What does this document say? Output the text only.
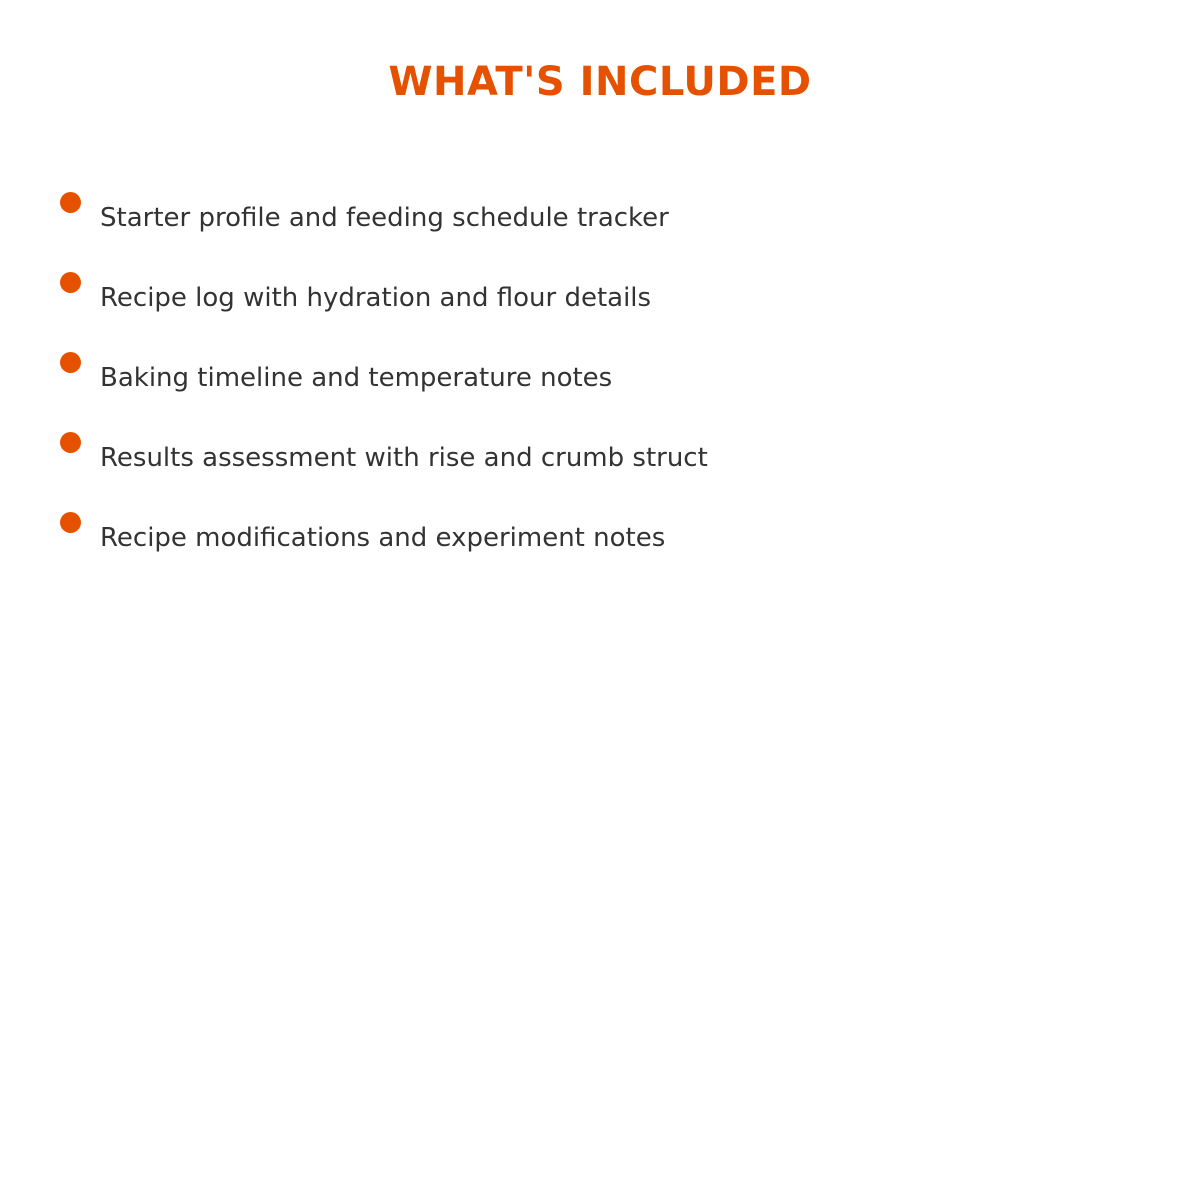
WHAT'S INCLUDED
Starter profile and feeding schedule tracker
Recipe log with hydration and flour details
Baking timeline and temperature notes
Results assessment with rise and crumb struct
Recipe modifications and experiment notes
